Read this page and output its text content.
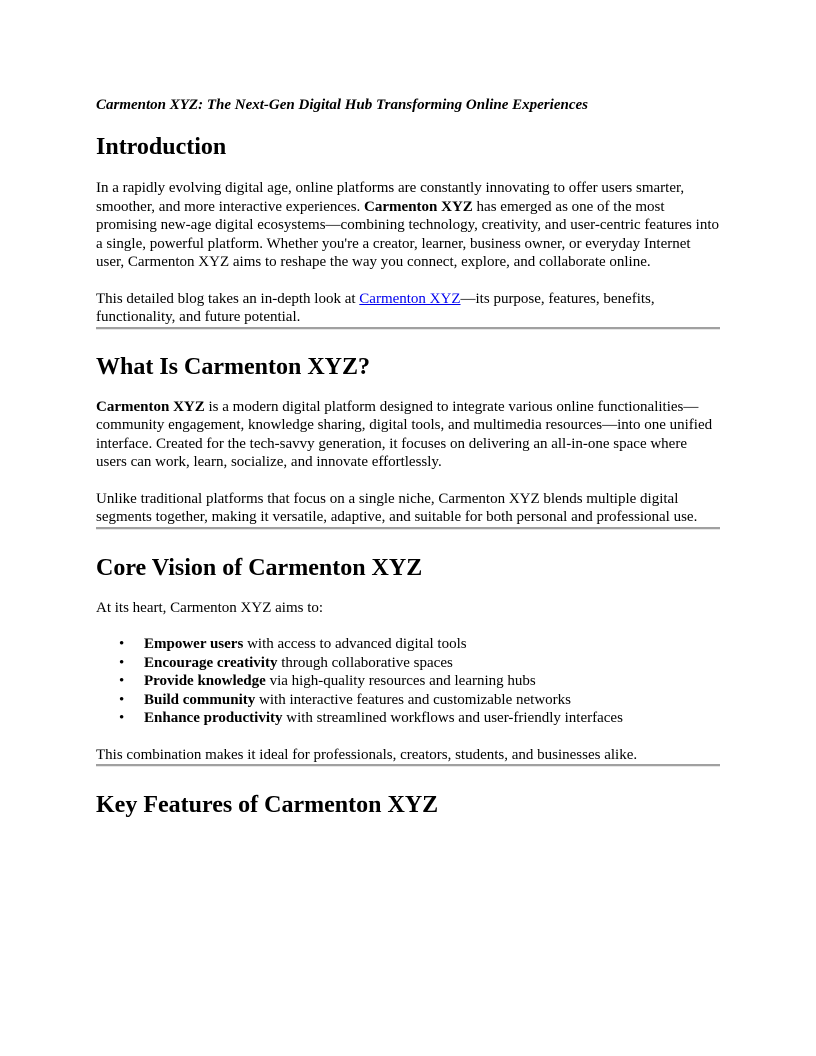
Carmenton XYZ: The Next-Gen Digital Hub Transforming Online Experiences

Introduction

In a rapidly evolving digital age, online platforms are constantly innovating to offer users smarter, smoother, and more interactive experiences. Carmenton XYZ has emerged as one of the most promising new-age digital ecosystems—combining technology, creativity, and user-centric features into a single, powerful platform. Whether you're a creator, learner, business owner, or everyday Internet user, Carmenton XYZ aims to reshape the way you connect, explore, and collaborate online.

This detailed blog takes an in-depth look at Carmenton XYZ—its purpose, features, benefits, functionality, and future potential.

What Is Carmenton XYZ?

Carmenton XYZ is a modern digital platform designed to integrate various online functionalities—community engagement, knowledge sharing, digital tools, and multimedia resources—into one unified interface. Created for the tech-savvy generation, it focuses on delivering an all-in-one space where users can work, learn, socialize, and innovate effortlessly.

Unlike traditional platforms that focus on a single niche, Carmenton XYZ blends multiple digital segments together, making it versatile, adaptive, and suitable for both personal and professional use.

Core Vision of Carmenton XYZ

At its heart, Carmenton XYZ aims to:

• Empower users with access to advanced digital tools
• Encourage creativity through collaborative spaces
• Provide knowledge via high-quality resources and learning hubs
• Build community with interactive features and customizable networks
• Enhance productivity with streamlined workflows and user-friendly interfaces

This combination makes it ideal for professionals, creators, students, and businesses alike.

Key Features of Carmenton XYZ
